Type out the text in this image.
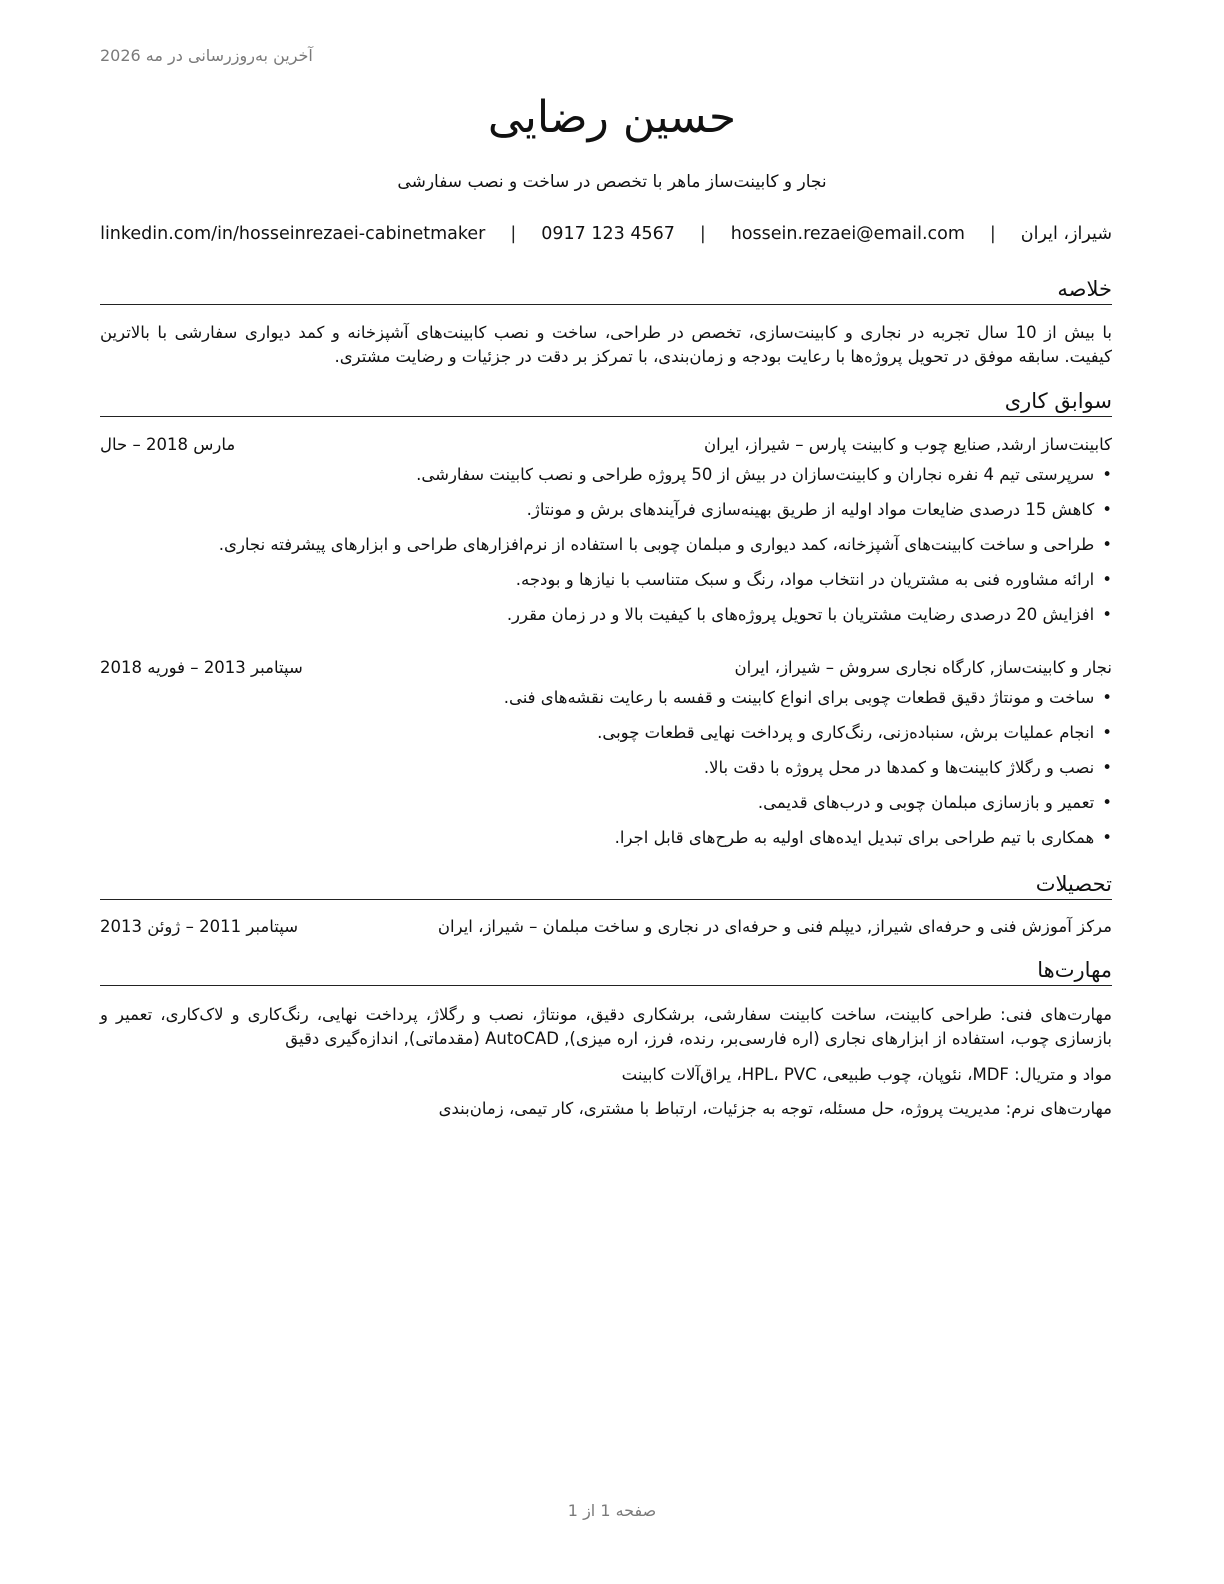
آخرین به‌روزرسانی در مه 2026
حسین رضایی
نجار و کابینت‌ساز ماهر با تخصص در ساخت و نصب سفارشی
شیراز، ایران
|
hossein.rezaei@email.com
|
0917 123 4567
|
linkedin.com/in/hosseinrezaei-cabinetmaker
خلاصه
با بیش از 10 سال تجربه در نجاری و کابینت‌سازی، تخصص در طراحی، ساخت و نصب کابینت‌های آشپزخانه و کمد دیواری سفارشی با بالاترین کیفیت. سابقه موفق در تحویل پروژه‌ها با رعایت بودجه و زمان‌بندی، با تمرکز بر دقت در جزئیات و رضایت مشتری.
سوابق کاری
کابینت‌ساز ارشد, صنایع چوب و کابینت پارس – شیراز، ایران
مارس 2018 – حال
• سرپرستی تیم 4 نفره نجاران و کابینت‌سازان در بیش از 50 پروژه طراحی و نصب کابینت سفارشی.
• کاهش 15 درصدی ضایعات مواد اولیه از طریق بهینه‌سازی فرآیندهای برش و مونتاژ.
• طراحی و ساخت کابینت‌های آشپزخانه، کمد دیواری و مبلمان چوبی با استفاده از نرم‌افزارهای طراحی و ابزارهای پیشرفته نجاری.
• ارائه مشاوره فنی به مشتریان در انتخاب مواد، رنگ و سبک متناسب با نیازها و بودجه.
• افزایش 20 درصدی رضایت مشتریان با تحویل پروژه‌های با کیفیت بالا و در زمان مقرر.
نجار و کابینت‌ساز, کارگاه نجاری سروش – شیراز، ایران
سپتامبر 2013 – فوریه 2018
• ساخت و مونتاژ دقیق قطعات چوبی برای انواع کابینت و قفسه با رعایت نقشه‌های فنی.
• انجام عملیات برش، سنباده‌زنی، رنگ‌کاری و پرداخت نهایی قطعات چوبی.
• نصب و رگلاژ کابینت‌ها و کمدها در محل پروژه با دقت بالا.
• تعمیر و بازسازی مبلمان چوبی و درب‌های قدیمی.
• همکاری با تیم طراحی برای تبدیل ایده‌های اولیه به طرح‌های قابل اجرا.
تحصیلات
مرکز آموزش فنی و حرفه‌ای شیراز, دیپلم فنی و حرفه‌ای در نجاری و ساخت مبلمان – شیراز، ایران
سپتامبر 2011 – ژوئن 2013
مهارت‌ها
مهارت‌های فنی: طراحی کابینت، ساخت کابینت سفارشی، برشکاری دقیق، مونتاژ، نصب و رگلاژ، پرداخت نهایی، رنگ‌کاری و لاک‌کاری، تعمیر و بازسازی چوب، استفاده از ابزارهای نجاری (اره فارسی‌بر، رنده، فرز، اره میزی), AutoCAD (مقدماتی), اندازه‌گیری دقیق
مواد و متریال: MDF، نئوپان، چوب طبیعی، HPL، PVC، یراق‌آلات کابینت
مهارت‌های نرم: مدیریت پروژه، حل مسئله، توجه به جزئیات، ارتباط با مشتری، کار تیمی، زمان‌بندی
صفحه 1 از 1
